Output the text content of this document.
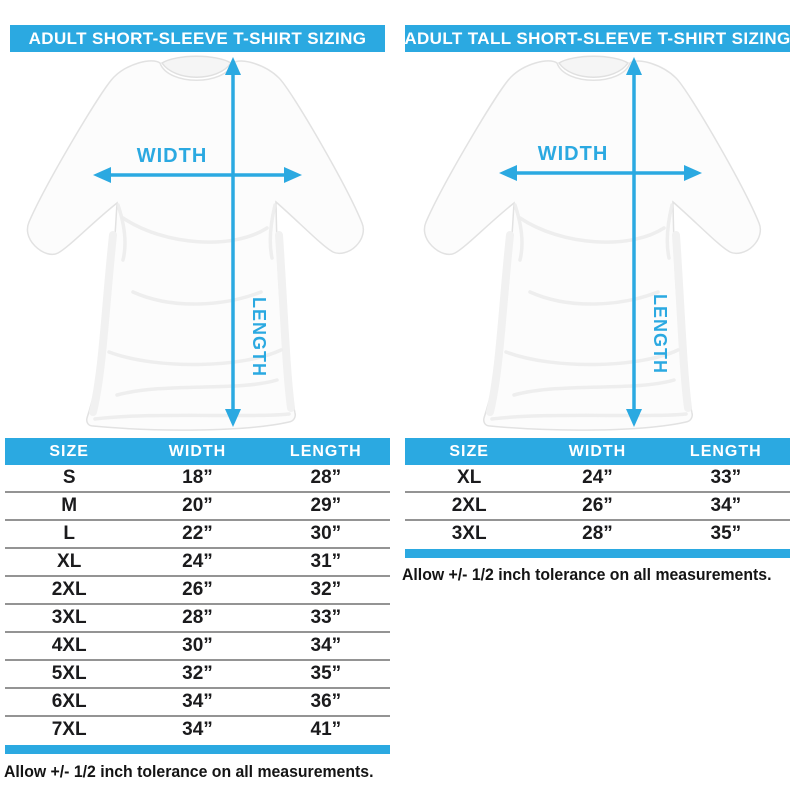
ADULT SHORT-SLEEVE T-SHIRT SIZING
WIDTH
LENGTH
SIZE	WIDTH	LENGTH
S	18”	28”
M	20”	29”
L	22”	30”
XL	24”	31”
2XL	26”	32”
3XL	28”	33”
4XL	30”	34”
5XL	32”	35”
6XL	34”	36”
7XL	34”	41”

Allow +/- 1/2 inch tolerance on all measurements.

ADULT TALL SHORT-SLEEVE T-SHIRT SIZING
WIDTH
LENGTH
SIZE	WIDTH	LENGTH
XL	24”	33”
2XL	26”	34”
3XL	28”	35”

Allow +/- 1/2 inch tolerance on all measurements.
